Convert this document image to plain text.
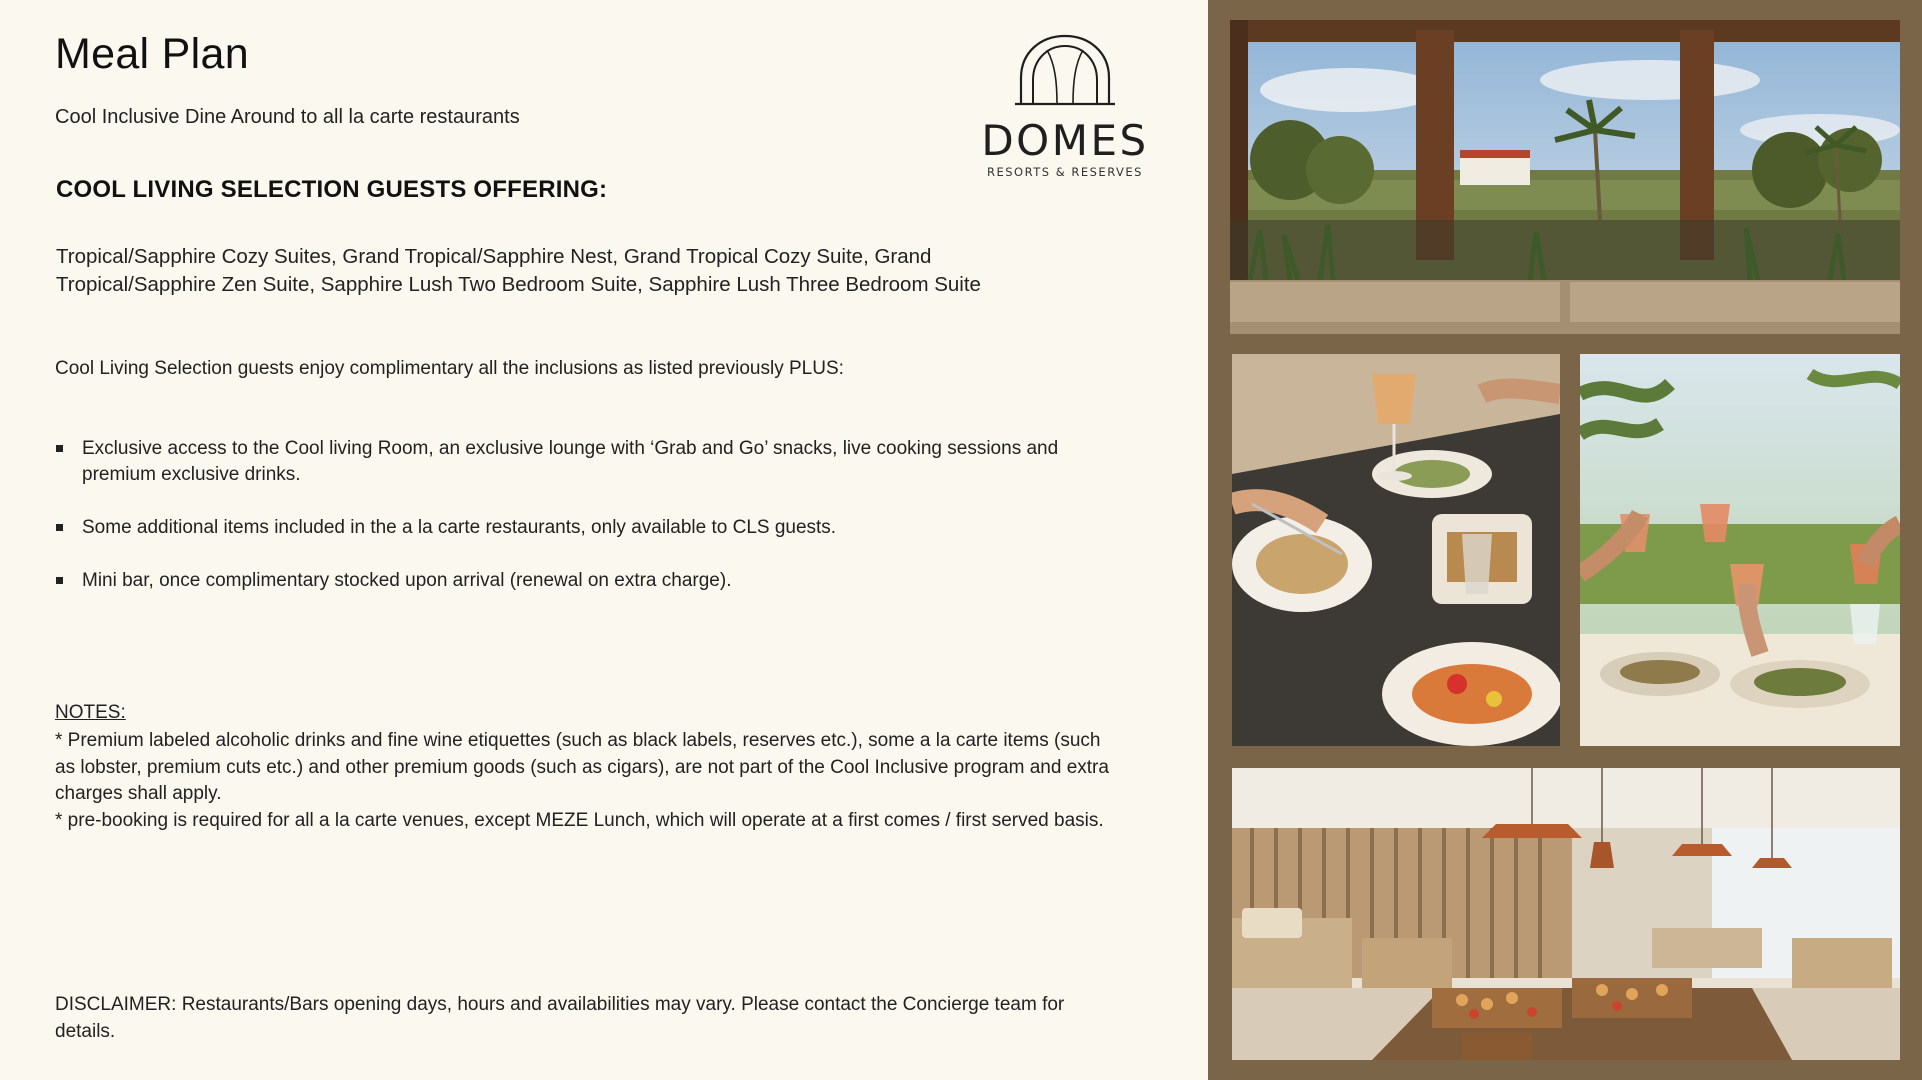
Meal Plan
Cool Inclusive Dine Around to all la carte restaurants
COOL LIVING SELECTION GUESTS OFFERING:
Tropical/Sapphire Cozy Suites, Grand Tropical/Sapphire Nest, Grand Tropical Cozy Suite, Grand Tropical/Sapphire Zen Suite, Sapphire Lush Two Bedroom Suite, Sapphire Lush Three Bedroom Suite
Cool Living Selection guests enjoy complimentary all the inclusions as listed previously PLUS:
Exclusive access to the Cool living Room, an exclusive lounge with ‘Grab and Go’ snacks, live cooking sessions and premium exclusive drinks.
Some additional items included in the a la carte restaurants, only available to CLS guests.
Mini bar, once complimentary stocked upon arrival (renewal on extra charge).
NOTES:

* Premium labeled alcoholic drinks and fine wine etiquettes (such as black labels, reserves etc.), some a la carte items (such as lobster, premium cuts etc.) and other premium goods (such as cigars), are not part of the Cool Inclusive program and extra charges shall apply.

* pre-booking is required for all a la carte venues, except MEZE Lunch, which will operate at a first comes / first served basis.

DISCLAIMER: Restaurants/Bars opening days, hours and availabilities may vary. Please contact the Concierge team for details.
DOMES
RESORTS & RESERVES
